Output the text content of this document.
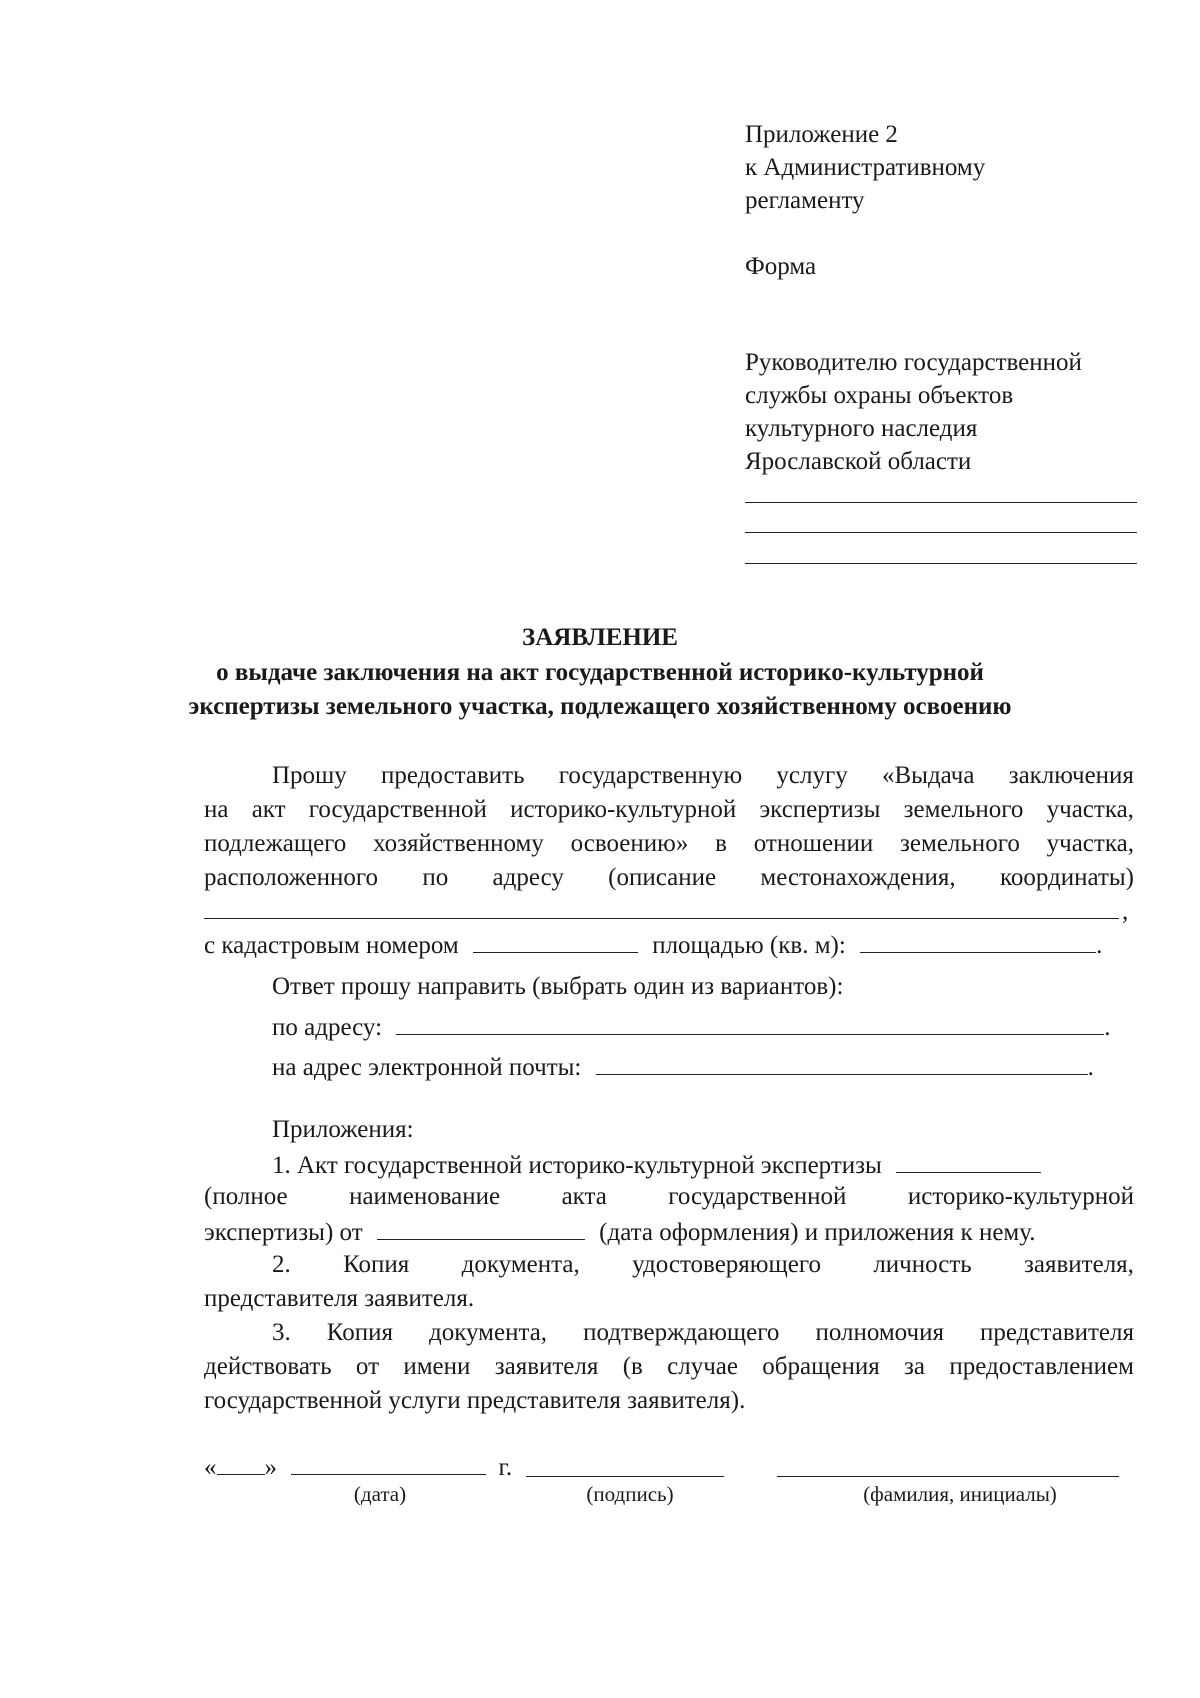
Приложение 2
к Административному
регламенту
Форма
Руководителю государственной
службы охраны объектов
культурного наследия
Ярославской области
ЗАЯВЛЕНИЕ
о выдаче заключения на акт государственной историко-культурной
экспертизы земельного участка, подлежащего хозяйственному освоению
Прошу предоставить государственную услугу «Выдача заключения
на акт государственной историко-культурной экспертизы земельного участка,
подлежащего хозяйственному освоению» в отношении земельного участка,
расположенного по адресу (описание местонахождения, координаты)
,
с кадастровым номером	площадью (кв. м):	.
Ответ прошу направить (выбрать один из вариантов):
по адресу:	.
на адрес электронной почты:	.
Приложения:
1. Акт государственной историко-культурной экспертизы
(полное наименование акта государственной историко-культурной
экспертизы) от	(дата оформления) и приложения к нему.
2. Копия документа, удостоверяющего личность заявителя,
представителя заявителя.
3. Копия документа, подтверждающего полномочия представителя
действовать от имени заявителя (в случае обращения за предоставлением
государственной услуги представителя заявителя).
« »	г.
(дата)	(подпись)	(фамилия, инициалы)
